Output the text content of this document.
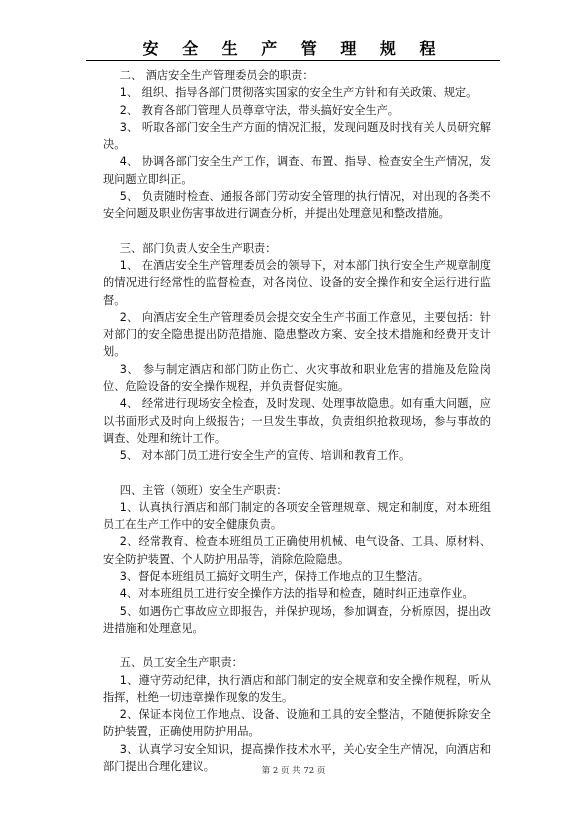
安 全 生 产 管 理 规 程

二、 酒店安全生产管理委员会的职责：

1、 组织、指导各部门贯彻落实国家的安全生产方针和有关政策、规定。

2、 教育各部门管理人员尊章守法，带头搞好安全生产。

3、 听取各部门安全生产方面的情况汇报，发现问题及时找有关人员研究解决。

4、 协调各部门安全生产工作，调查、布置、指导、检查安全生产情况，发现问题立即纠正。

5、 负责随时检查、通报各部门劳动安全管理的执行情况，对出现的各类不安全问题及职业伤害事故进行调查分析，并提出处理意见和整改措施。

三、部门负责人安全生产职责：

1、 在酒店安全生产管理委员会的领导下，对本部门执行安全生产规章制度的情况进行经常性的监督检查，对各岗位、设备的安全操作和安全运行进行监督。

2、 向酒店安全生产管理委员会提交安全生产书面工作意见，主要包括：针对部门的安全隐患提出防范措施、隐患整改方案、安全技术措施和经费开支计划。

3、 参与制定酒店和部门防止伤亡、火灾事故和职业危害的措施及危险岗位、危险设备的安全操作规程，并负责督促实施。

4、 经常进行现场安全检查，及时发现、处理事故隐患。如有重大问题，应以书面形式及时向上级报告；一旦发生事故，负责组织抢救现场，参与事故的调查、处理和统计工作。

5、 对本部门员工进行安全生产的宣传、培训和教育工作。

四、主管（领班）安全生产职责：

1、认真执行酒店和部门制定的各项安全管理规章、规定和制度，对本班组员工在生产工作中的安全健康负责。

2、经常教育、检查本班组员工正确使用机械、电气设备、工具、原材料、安全防护装置、个人防护用品等，消除危险隐患。

3、督促本班组员工搞好文明生产，保持工作地点的卫生整洁。

4、对本班组员工进行安全操作方法的指导和检查，随时纠正违章作业。

5、如遇伤亡事故应立即报告，并保护现场，参加调查，分析原因，提出改进措施和处理意见。

五、员工安全生产职责：

1、遵守劳动纪律，执行酒店和部门制定的安全规章和安全操作规程，听从指挥，杜绝一切违章操作现象的发生。

2、保证本岗位工作地点、设备、设施和工具的安全整洁，不随便拆除安全防护装置，正确使用防护用品。

3、认真学习安全知识，提高操作技术水平，关心安全生产情况，向酒店和部门提出合理化建议。	第 2 页 共 72 页
